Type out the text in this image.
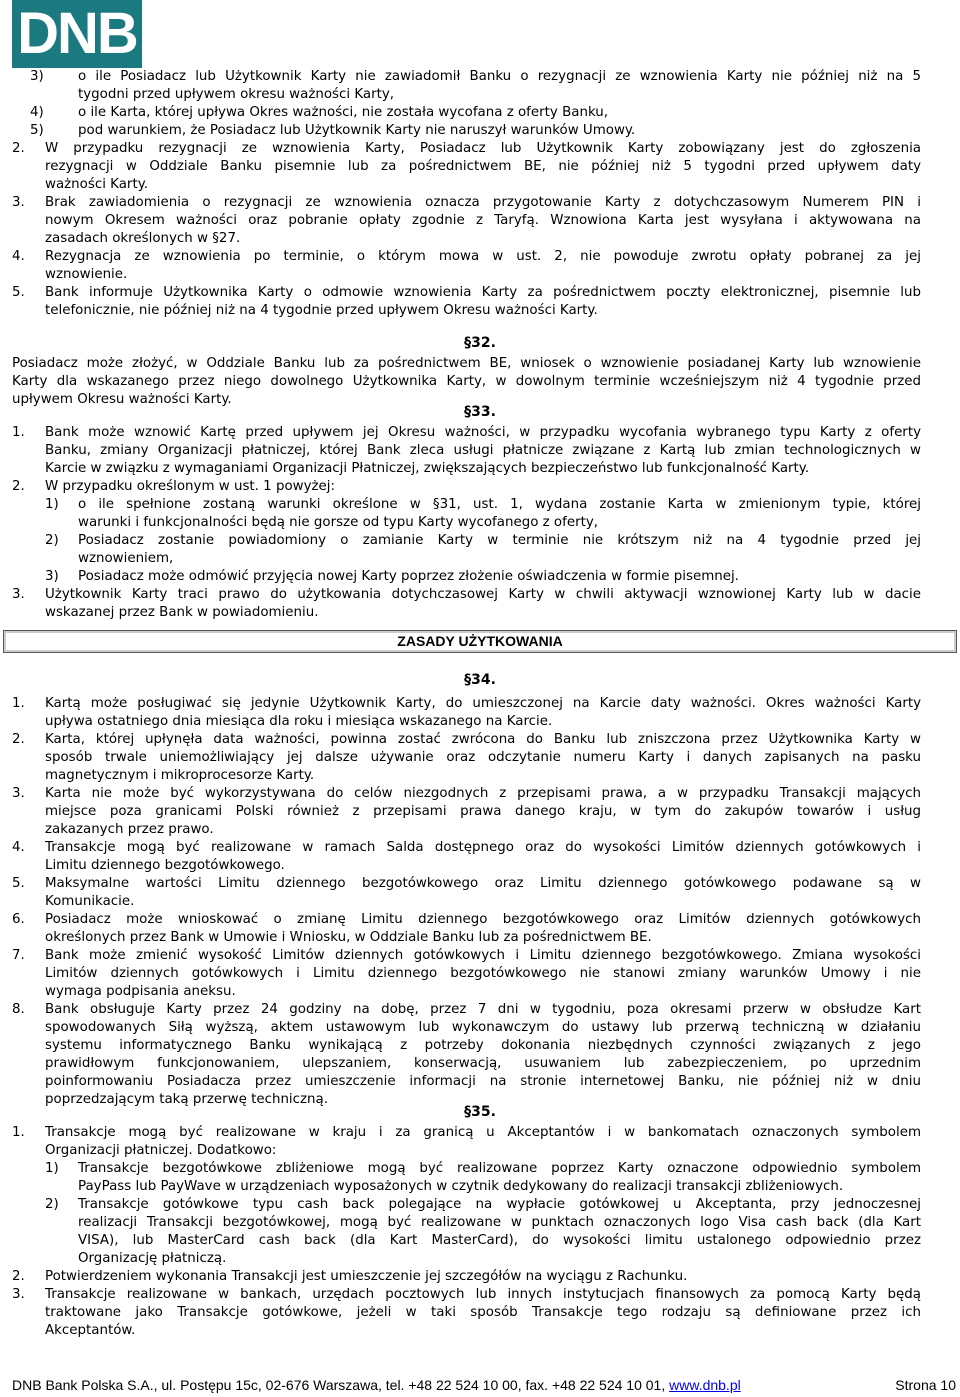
DNB
3)	o ile Posiadacz lub Użytkownik Karty nie zawiadomił Banku o rezygnacji ze wznowienia Karty nie później niż na 5
tygodni przed upływem okresu ważności Karty,
4)	o ile Karta, której upływa Okres ważności, nie została wycofana z oferty Banku,
5)	pod warunkiem, że Posiadacz lub Użytkownik Karty nie naruszył warunków Umowy.
2. W przypadku rezygnacji ze wznowienia Karty, Posiadacz lub Użytkownik Karty zobowiązany jest do zgłoszenia
rezygnacji w Oddziale Banku pisemnie lub za pośrednictwem BE, nie później niż 5 tygodni przed upływem daty
ważności Karty.
3. Brak zawiadomienia o rezygnacji ze wznowienia oznacza przygotowanie Karty z dotychczasowym Numerem PIN i
nowym Okresem ważności oraz pobranie opłaty zgodnie z Taryfą. Wznowiona Karta jest wysyłana i aktywowana na
zasadach określonych w §27.
4. Rezygnacja ze wznowienia po terminie, o którym mowa w ust. 2, nie powoduje zwrotu opłaty pobranej za jej
wznowienie.
5. Bank informuje Użytkownika Karty o odmowie wznowienia Karty za pośrednictwem poczty elektronicznej, pisemnie lub
telefonicznie, nie później niż na 4 tygodnie przed upływem Okresu ważności Karty.
Posiadacz może złożyć, w Oddziale Banku lub za pośrednictwem BE, wniosek o wznowienie posiadanej Karty lub wznowienie
Karty dla wskazanego przez niego dowolnego Użytkownika Karty, w dowolnym terminie wcześniejszym niż 4 tygodnie przed
upływem Okresu ważności Karty.
1. Bank może wznowić Kartę przed upływem jej Okresu ważności, w przypadku wycofania wybranego typu Karty z oferty
Banku, zmiany Organizacji płatniczej, której Bank zleca usługi płatnicze związane z Kartą lub zmian technologicznych w
Karcie w związku z wymaganiami Organizacji Płatniczej, zwiększających bezpieczeństwo lub funkcjonalność Karty.
2. W przypadku określonym w ust. 1 powyżej:
1) o ile spełnione zostaną warunki określone w §31, ust. 1, wydana zostanie Karta w zmienionym typie, której
warunki i funkcjonalności będą nie gorsze od typu Karty wycofanego z oferty,
2) Posiadacz zostanie powiadomiony o zamianie Karty w terminie nie krótszym niż na 4 tygodnie przed jej
wznowieniem,
3) Posiadacz może odmówić przyjęcia nowej Karty poprzez złożenie oświadczenia w formie pisemnej.
3. Użytkownik Karty traci prawo do użytkowania dotychczasowej Karty w chwili aktywacji wznowionej Karty lub w dacie
wskazanej przez Bank w powiadomieniu.
1. Kartą może posługiwać się jedynie Użytkownik Karty, do umieszczonej na Karcie daty ważności. Okres ważności Karty
upływa ostatniego dnia miesiąca dla roku i miesiąca wskazanego na Karcie.
2. Karta, której upłynęła data ważności, powinna zostać zwrócona do Banku lub zniszczona przez Użytkownika Karty w
sposób trwale uniemożliwiający jej dalsze używanie oraz odczytanie numeru Karty i danych zapisanych na pasku
magnetycznym i mikroprocesorze Karty.
3. Karta nie może być wykorzystywana do celów niezgodnych z przepisami prawa, a w przypadku Transakcji mających
miejsce poza granicami Polski również z przepisami prawa danego kraju, w tym do zakupów towarów i usług
zakazanych przez prawo.
4. Transakcje mogą być realizowane w ramach Salda dostępnego oraz do wysokości Limitów dziennych gotówkowych i
Limitu dziennego bezgotówkowego.
5. Maksymalne wartości Limitu dziennego bezgotówkowego oraz Limitu dziennego gotówkowego podawane są w
Komunikacie.
6. Posiadacz może wnioskować o zmianę Limitu dziennego bezgotówkowego oraz Limitów dziennych gotówkowych
określonych przez Bank w Umowie i Wniosku, w Oddziale Banku lub za pośrednictwem BE.
7. Bank może zmienić wysokość Limitów dziennych gotówkowych i Limitu dziennego bezgotówkowego. Zmiana wysokości
Limitów dziennych gotówkowych i Limitu dziennego bezgotówkowego nie stanowi zmiany warunków Umowy i nie
wymaga podpisania aneksu.
8. Bank obsługuje Karty przez 24 godziny na dobę, przez 7 dni w tygodniu, poza okresami przerw w obsłudze Kart
spowodowanych Siłą wyższą, aktem ustawowym lub wykonawczym do ustawy lub przerwą techniczną w działaniu
systemu informatycznego Banku wynikającą z potrzeby dokonania niezbędnych czynności związanych z jego
prawidłowym funkcjonowaniem, ulepszaniem, konserwacją, usuwaniem lub zabezpieczeniem, po uprzednim
poinformowaniu Posiadacza przez umieszczenie informacji na stronie internetowej Banku, nie później niż w dniu
poprzedzającym taką przerwę techniczną.
1. Transakcje mogą być realizowane w kraju i za granicą u Akceptantów i w bankomatach oznaczonych symbolem
Organizacji płatniczej. Dodatkowo:
1) Transakcje bezgotówkowe zbliżeniowe mogą być realizowane poprzez Karty oznaczone odpowiednio symbolem
PayPass lub PayWave w urządzeniach wyposażonych w czytnik dedykowany do realizacji transakcji zbliżeniowych.
2) Transakcje gotówkowe typu cash back polegające na wypłacie gotówkowej u Akceptanta, przy jednoczesnej
realizacji Transakcji bezgotówkowej, mogą być realizowane w punktach oznaczonych logo Visa cash back (dla Kart
VISA), lub MasterCard cash back (dla Kart MasterCard), do wysokości limitu ustalonego odpowiednio przez
Organizację płatniczą.
2. Potwierdzeniem wykonania Transakcji jest umieszczenie jej szczegółów na wyciągu z Rachunku.
3. Transakcje realizowane w bankach, urzędach pocztowych lub innych instytucjach finansowych za pomocą Karty będą
traktowane jako Transakcje gotówkowe, jeżeli w taki sposób Transakcje tego rodzaju są definiowane przez ich
Akceptantów.
§32.
§33.
§34.
§35.
ZASADY UŻYTKOWANIA
DNB Bank Polska S.A., ul. Postępu 15c, 02-676 Warszawa, tel. +48 22 524 10 00, fax. +48 22 524 10 01, www.dnb.pl	Strona 10
